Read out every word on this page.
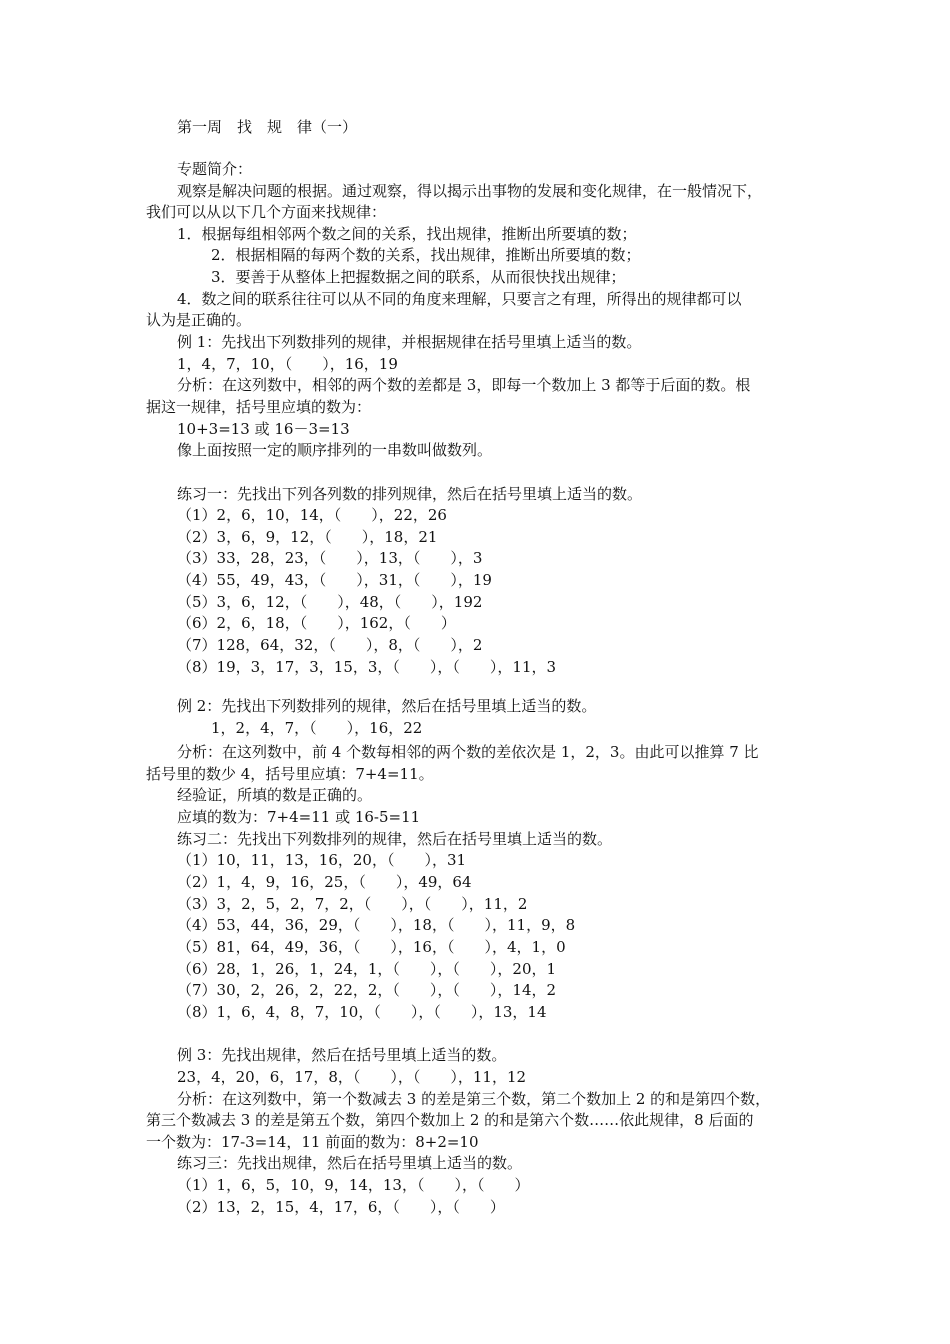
第一周　找　规　律（一）
专题简介：
观察是解决问题的根据。通过观察，得以揭示出事物的发展和变化规律，在一般情况下，
我们可以从以下几个方面来找规律：
1．根据每组相邻两个数之间的关系，找出规律，推断出所要填的数；
2．根据相隔的每两个数的关系，找出规律，推断出所要填的数；
3．要善于从整体上把握数据之间的联系，从而很快找出规律；
4．数之间的联系往往可以从不同的角度来理解，只要言之有理，所得出的规律都可以
认为是正确的。
例 1：先找出下列数排列的规律，并根据规律在括号里填上适当的数。
1，4，7，10，（　　），16，19
分析：在这列数中，相邻的两个数的差都是 3，即每一个数加上 3 都等于后面的数。根
据这一规律，括号里应填的数为：
10+3=13 或 16－3=13
像上面按照一定的顺序排列的一串数叫做数列。
练习一：先找出下列各列数的排列规律，然后在括号里填上适当的数。
（1）2，6，10，14，（　　），22，26
（2）3，6，9，12，（　　），18，21
（3）33，28，23，（　　），13，（　　），3
（4）55，49，43，（　　），31，（　　），19
（5）3，6，12，（　　），48，（　　），192
（6）2，6，18，（　　），162，（　　）
（7）128，64，32，（　　），8，（　　），2
（8）19，3，17，3，15，3，（　　），（　　），11，3
例 2：先找出下列数排列的规律，然后在括号里填上适当的数。
1，2，4，7，（　　），16，22
分析：在这列数中，前 4 个数每相邻的两个数的差依次是 1，2，3。由此可以推算 7 比
括号里的数少 4，括号里应填：7+4=11。
经验证，所填的数是正确的。
应填的数为：7+4=11 或 16-5=11
练习二：先找出下列数排列的规律，然后在括号里填上适当的数。
（1）10，11，13，16，20，（　　），31
（2）1，4，9，16，25，（　　），49，64
（3）3，2，5，2，7，2，（　　），（　　），11，2
（4）53，44，36，29，（　　），18，（　　），11，9，8
（5）81，64，49，36，（　　），16，（　　），4，1，0
（6）28，1，26，1，24，1，（　　），（　　），20，1
（7）30，2，26，2，22，2，（　　），（　　），14，2
（8）1，6，4，8，7，10，（　　），（　　），13，14
例 3：先找出规律，然后在括号里填上适当的数。
23，4，20，6，17，8，（　　），（　　），11，12
分析：在这列数中，第一个数减去 3 的差是第三个数，第二个数加上 2 的和是第四个数，
第三个数减去 3 的差是第五个数，第四个数加上 2 的和是第六个数……依此规律，8 后面的
一个数为：17-3=14，11 前面的数为：8+2=10
练习三：先找出规律，然后在括号里填上适当的数。
（1）1，6，5，10，9，14，13，（　　），（　　）
（2）13，2，15，4，17，6，（　　），（　　）
